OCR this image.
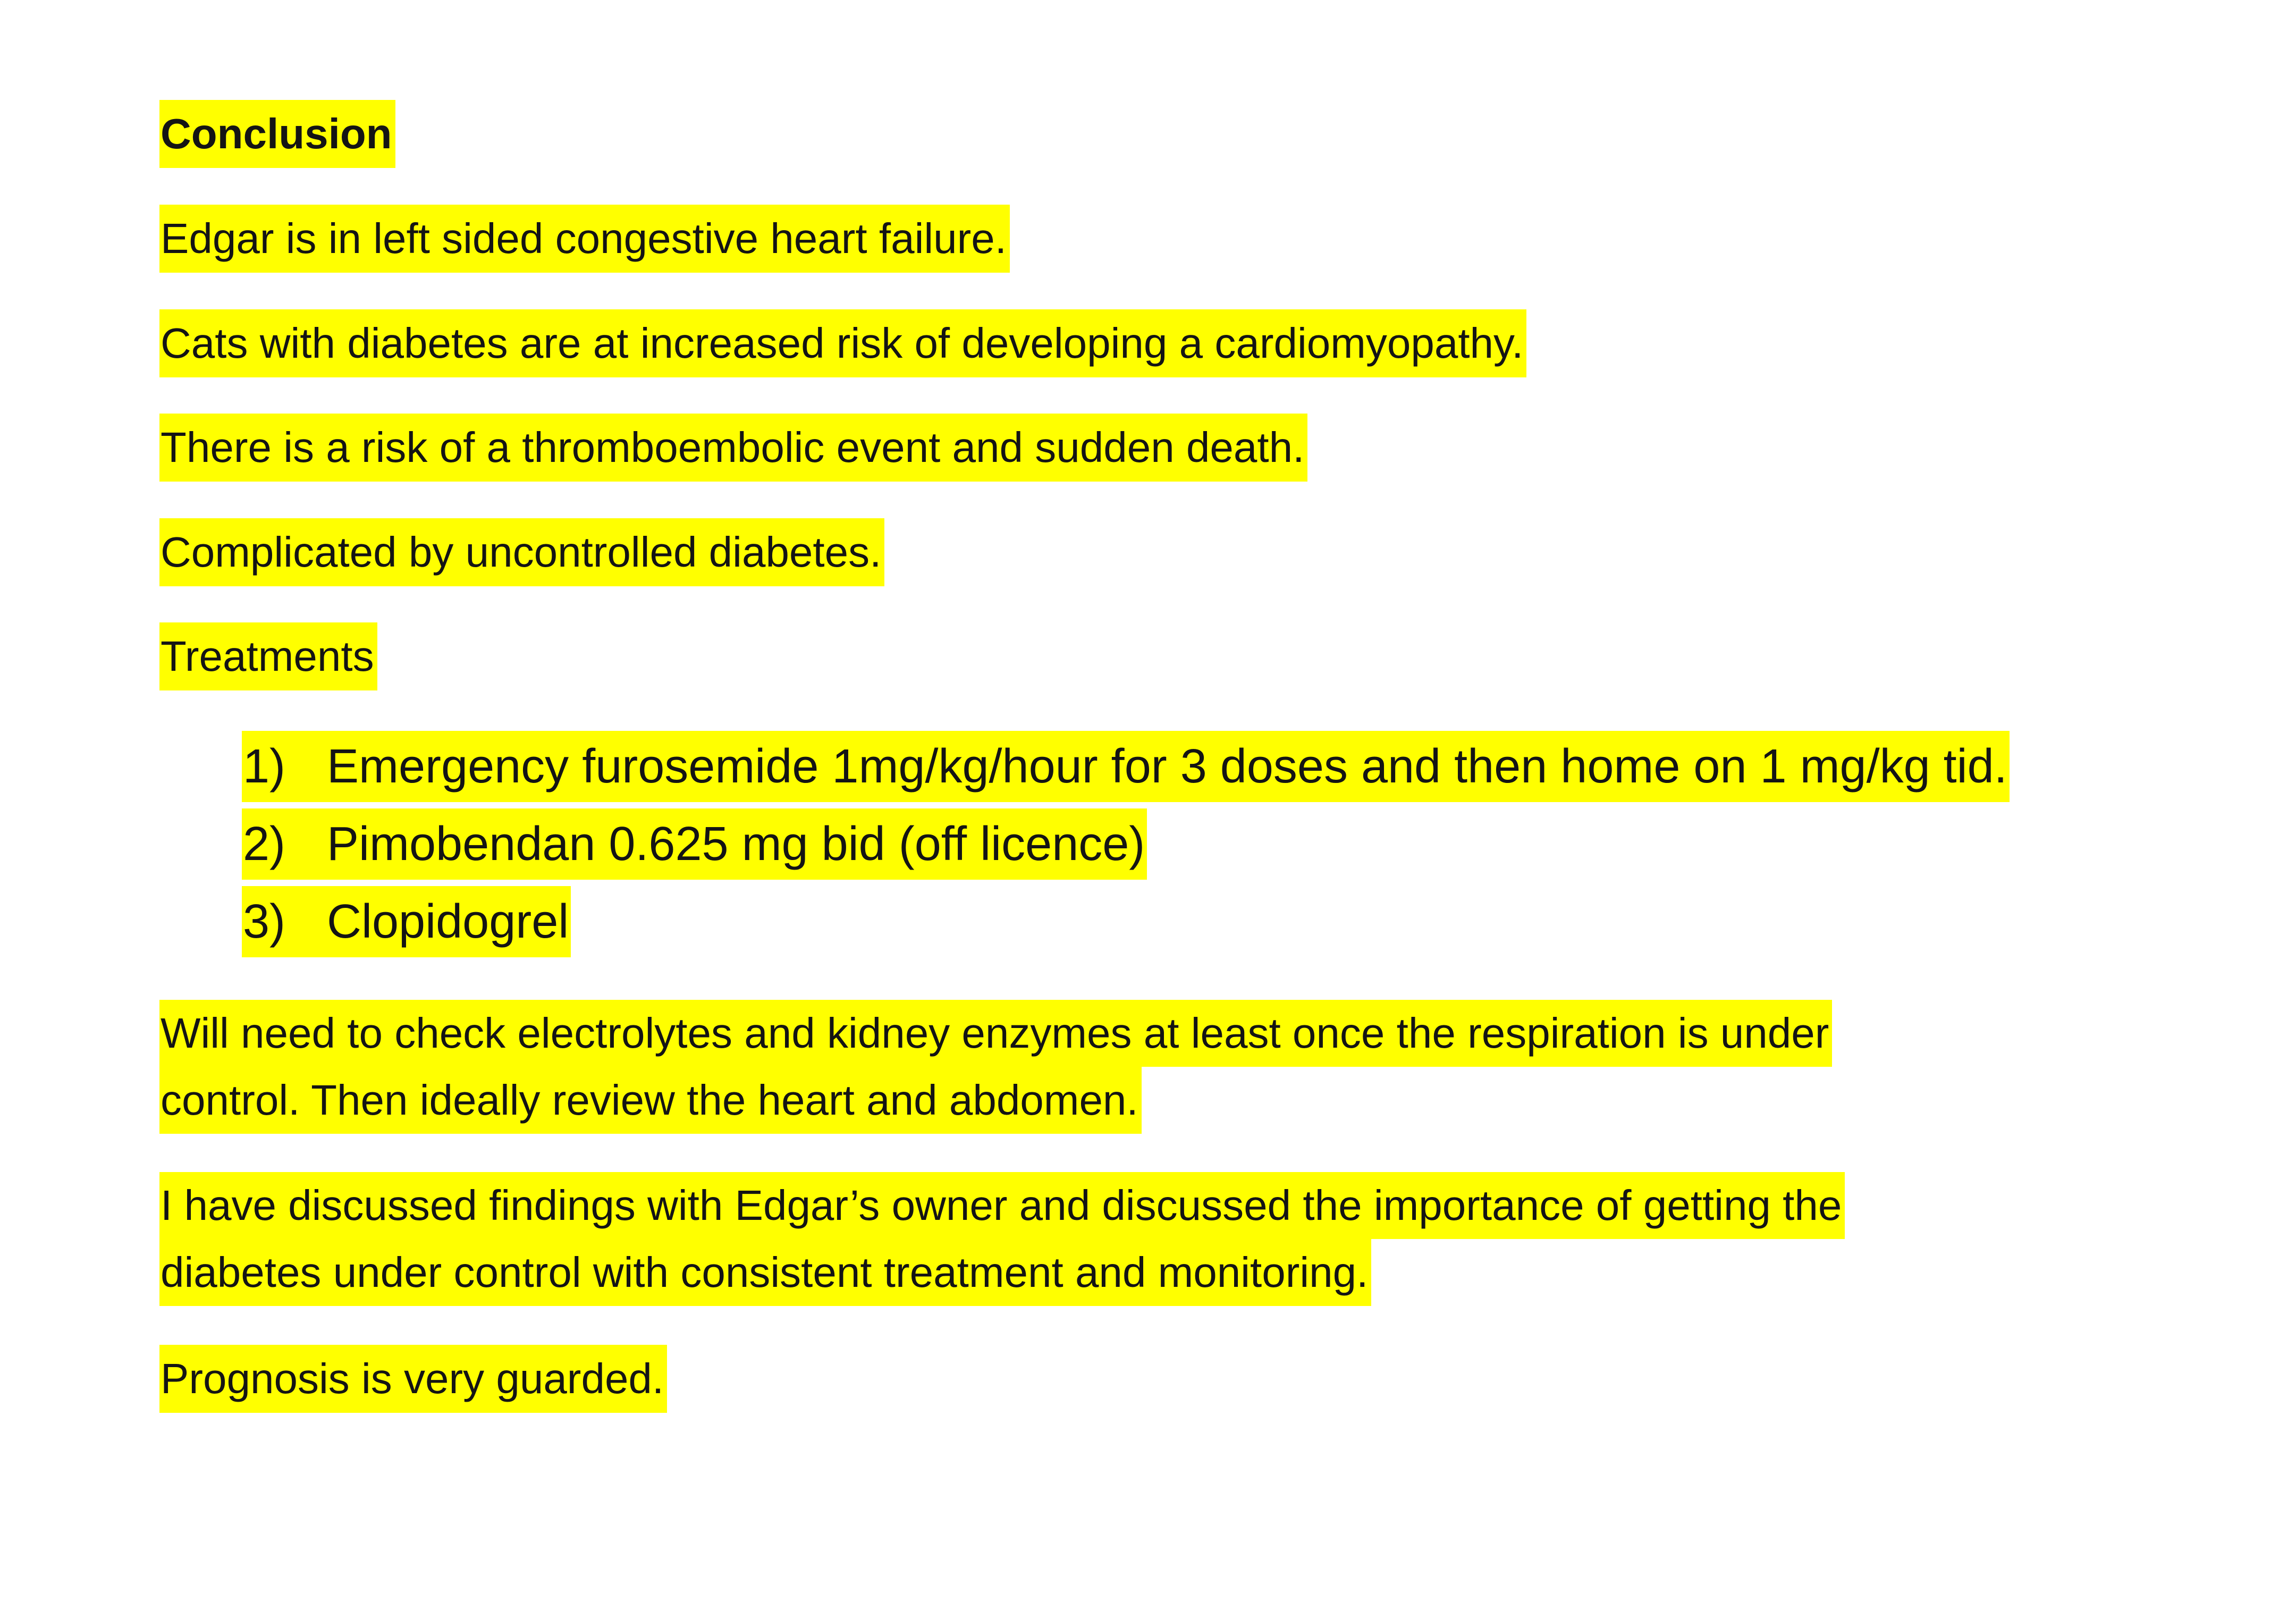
Conclusion

Edgar is in left sided congestive heart failure.

Cats with diabetes are at increased risk of developing a cardiomyopathy.

There is a risk of a thromboembolic event and sudden death.

Complicated by uncontrolled diabetes.

Treatments

1) Emergency furosemide 1mg/kg/hour for 3 doses and then home on 1 mg/kg tid.
2) Pimobendan 0.625 mg bid (off licence)
3) Clopidogrel
Will need to check electrolytes and kidney enzymes at least once the respiration is under
control. Then ideally review the heart and abdomen.
I have discussed findings with Edgar’s owner and discussed the importance of getting the
diabetes under control with consistent treatment and monitoring.

Prognosis is very guarded.
